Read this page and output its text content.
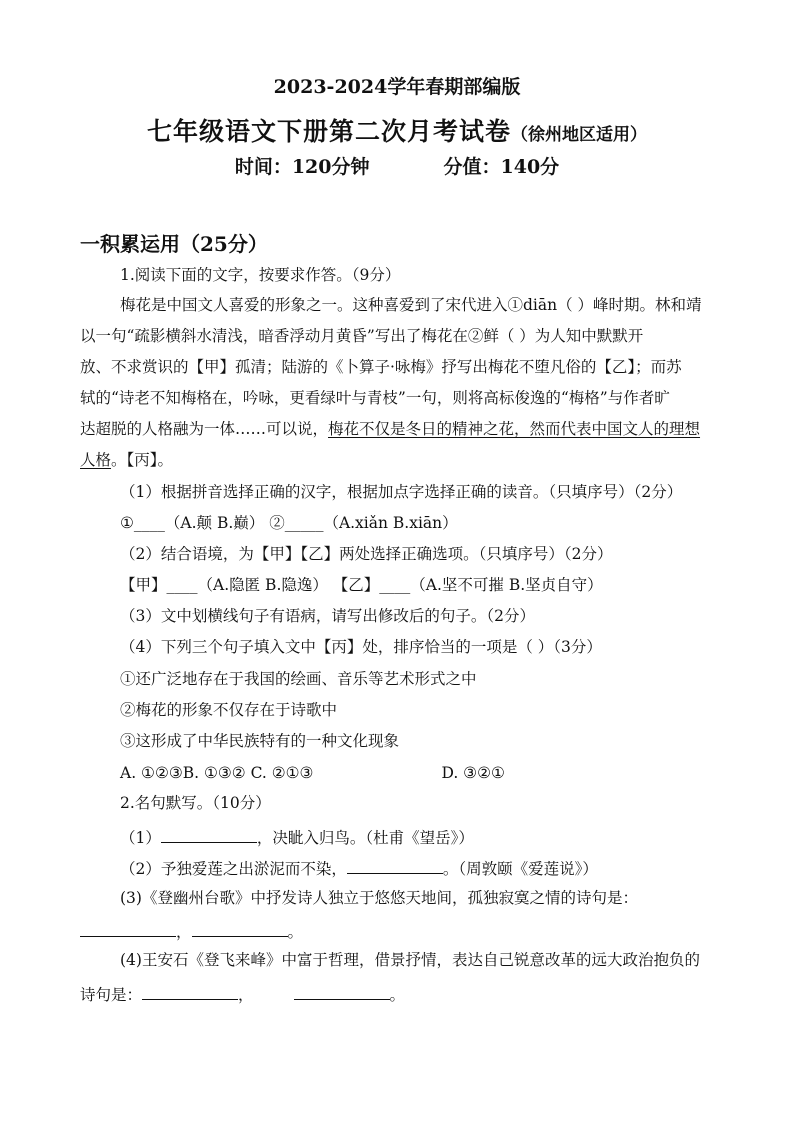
2023-2024学年春期部编版
七年级语文下册第二次月考试卷（徐州地区适用）
时间：120分钟	分值：140分
一积累运用（25分）
1.阅读下面的文字，按要求作答。（9分）
梅花是中国文人喜爱的形象之一。这种喜爱到了宋代进入①diān（ ）峰时期。林和靖
以一句“疏影横斜水清浅，暗香浮动月黄昏”写出了梅花在②鲜（ ）为人知中默默开
放、不求赏识的【甲】孤清；陆游的《卜算子·咏梅》抒写出梅花不堕凡俗的【乙】；而苏
轼的“诗老不知梅格在，吟咏，更看绿叶与青枝”一句，则将高标俊逸的“梅格”与作者旷
达超脱的人格融为一体……可以说，梅花不仅是冬日的精神之花，然而代表中国文人的理想
人格。【丙】。
（1）根据拼音选择正确的汉字，根据加点字选择正确的读音。（只填序号）（2分）
①____（A.颠 B.巅） ②_____（A.xiǎn B.xiān）
（2）结合语境，为【甲】【乙】两处选择正确选项。（只填序号）（2分）
【甲】____（A.隐匿 B.隐逸） 【乙】____（A.坚不可摧 B.坚贞自守）
（3）文中划横线句子有语病，请写出修改后的句子。（2分）
（4）下列三个句子填入文中【丙】处，排序恰当的一项是（ ）（3分）
①还广泛地存在于我国的绘画、音乐等艺术形式之中
②梅花的形象不仅存在于诗歌中
③这形成了中华民族特有的一种文化现象
A. ①②③B. ①③② C. ②①③	D. ③②①
2.名句默写。（10分）
（1）	，决眦入归鸟。（杜甫《望岳》）
（2）予独爱莲之出淤泥而不染，	。（周敦颐《爱莲说》）
(3)《登幽州台歌》中抒发诗人独立于悠悠天地间，孤独寂寞之情的诗句是：
，	。
(4)王安石《登飞来峰》中富于哲理，借景抒情，表达自己锐意改革的远大政治抱负的
诗句是：	，	。
